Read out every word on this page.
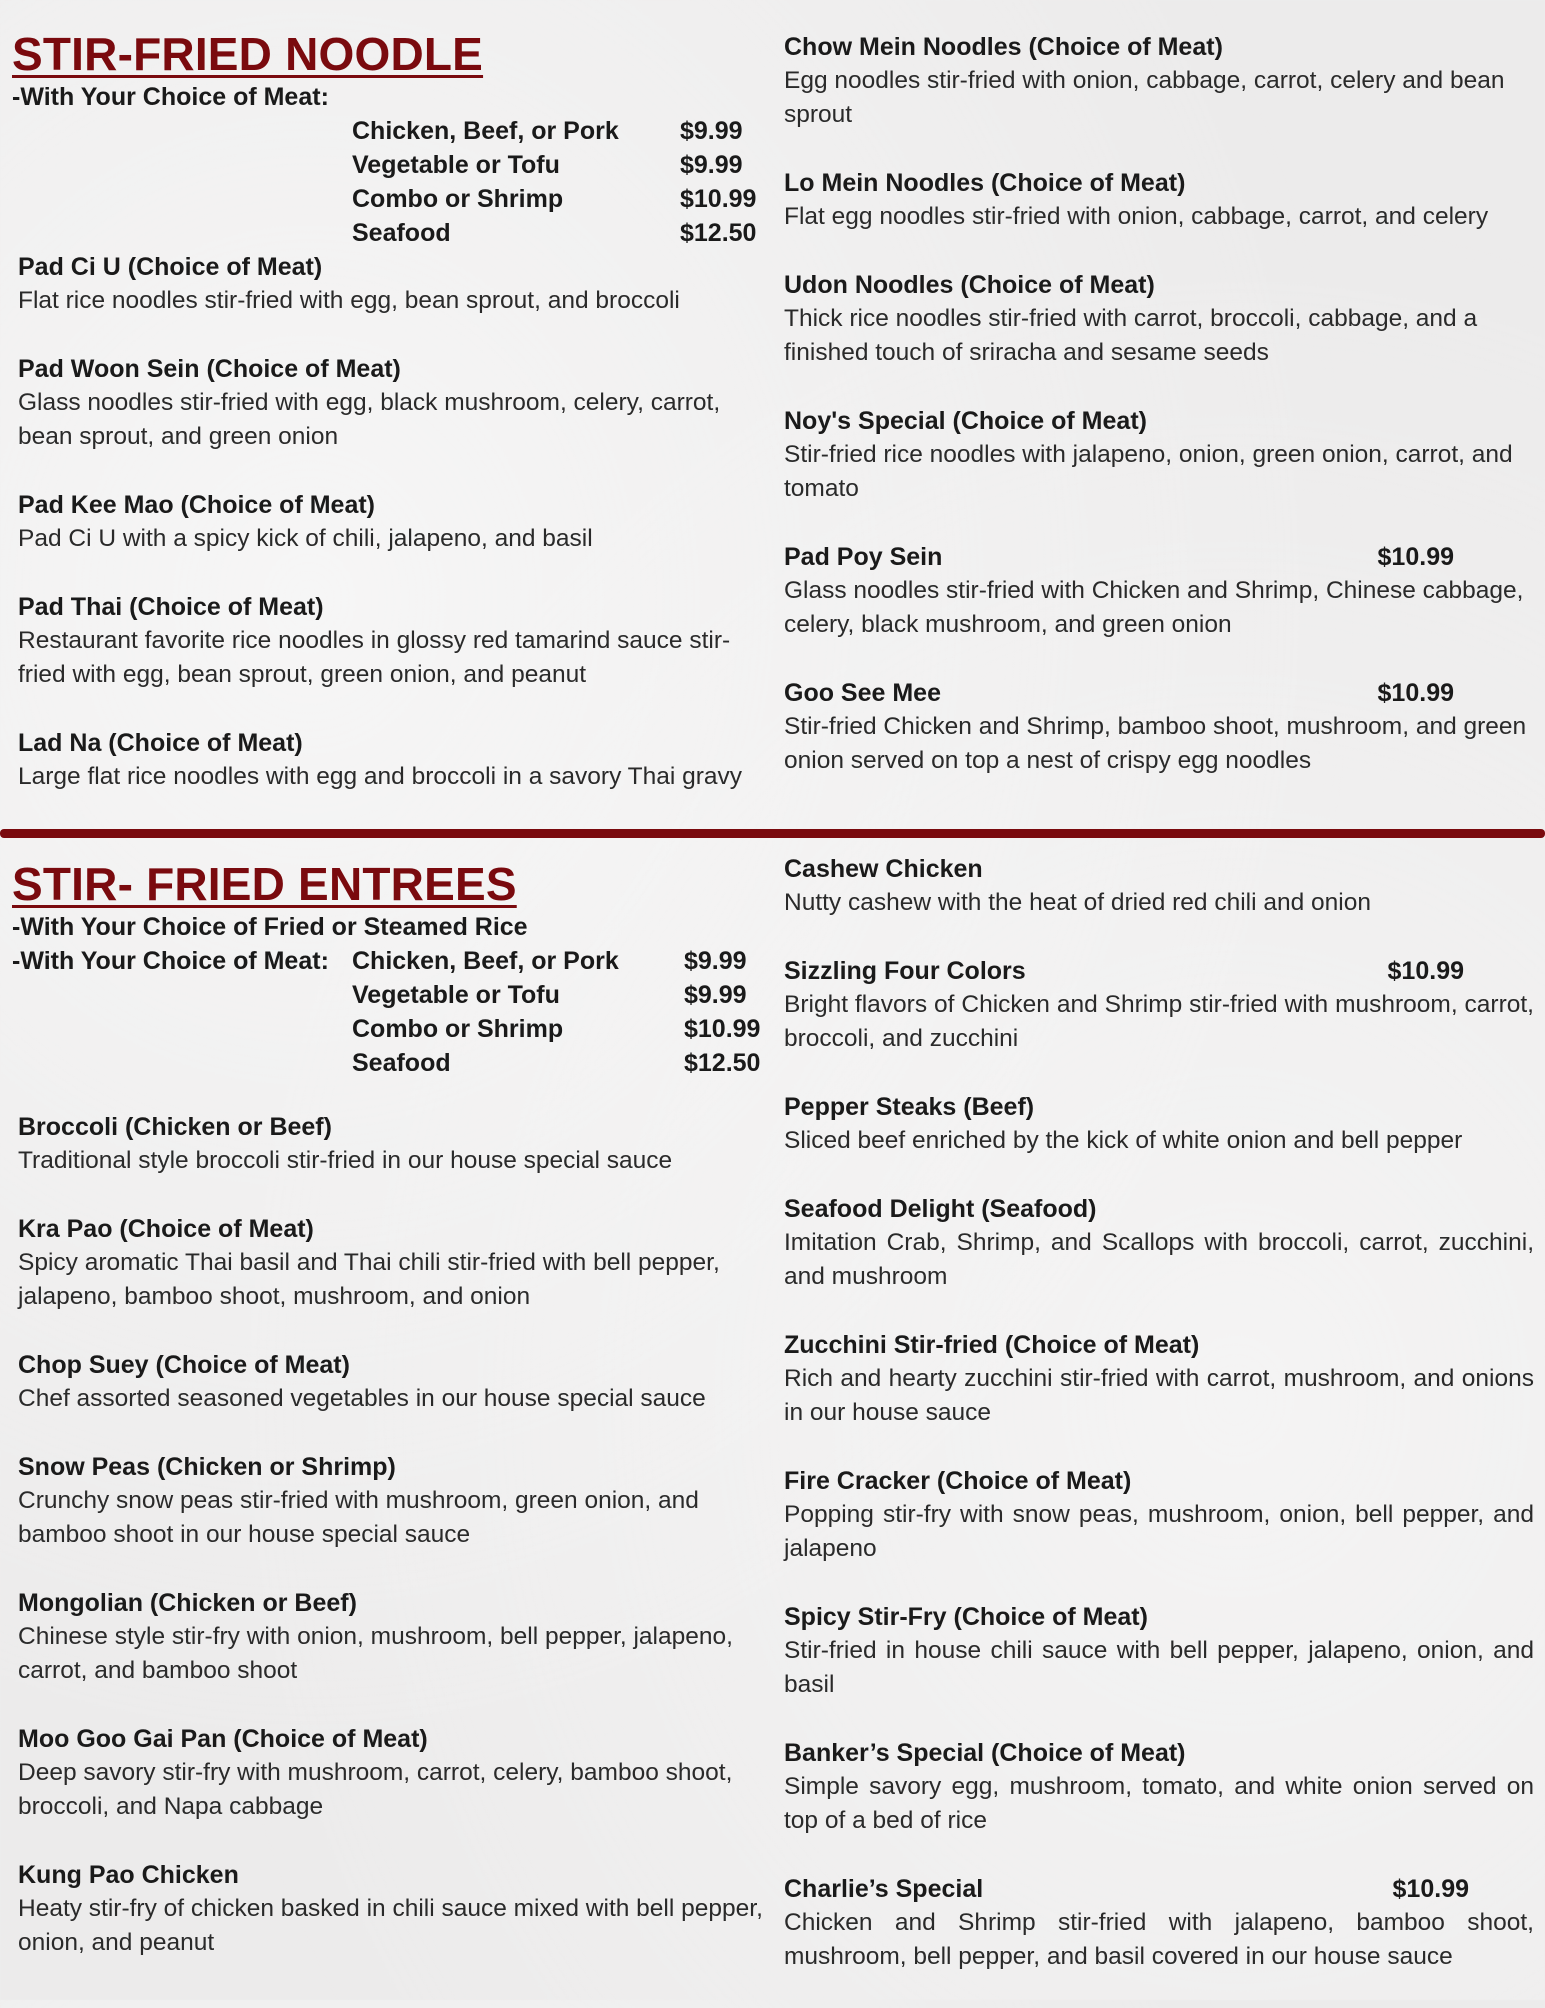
STIR-FRIED NOODLE
-With Your Choice of Meat:
Chicken, Beef, or Pork	$9.99
Vegetable or Tofu	$9.99
Combo or Shrimp	$10.99
Seafood	$12.50
Pad Ci U (Choice of Meat)
Flat rice noodles stir-fried with egg, bean sprout, and broccoli
Pad Woon Sein (Choice of Meat)
Glass noodles stir-fried with egg, black mushroom, celery, carrot, bean sprout, and green onion
Pad Kee Mao (Choice of Meat)
Pad Ci U with a spicy kick of chili, jalapeno, and basil
Pad Thai (Choice of Meat)
Restaurant favorite rice noodles in glossy red tamarind sauce stir-fried with egg, bean sprout, green onion, and peanut
Lad Na (Choice of Meat)
Large flat rice noodles with egg and broccoli in a savory Thai gravy
Chow Mein Noodles (Choice of Meat)
Egg noodles stir-fried with onion, cabbage, carrot, celery and bean sprout
Lo Mein Noodles (Choice of Meat)
Flat egg noodles stir-fried with onion, cabbage, carrot, and celery
Udon Noodles (Choice of Meat)
Thick rice noodles stir-fried with carrot, broccoli, cabbage, and a finished touch of sriracha and sesame seeds
Noy's Special (Choice of Meat)
Stir-fried rice noodles with jalapeno, onion, green onion, carrot, and tomato
Pad Poy Sein	$10.99
Glass noodles stir-fried with Chicken and Shrimp, Chinese cabbage, celery, black mushroom, and green onion
Goo See Mee	$10.99
Stir-fried Chicken and Shrimp, bamboo shoot, mushroom, and green onion served on top a nest of crispy egg noodles
STIR- FRIED ENTREES
-With Your Choice of Fried or Steamed Rice
-With Your Choice of Meat: Chicken, Beef, or Pork	$9.99
Vegetable or Tofu	$9.99
Combo or Shrimp	$10.99
Seafood	$12.50
Broccoli (Chicken or Beef)
Traditional style broccoli stir-fried in our house special sauce
Kra Pao (Choice of Meat)
Spicy aromatic Thai basil and Thai chili stir-fried with bell pepper, jalapeno, bamboo shoot, mushroom, and onion
Chop Suey (Choice of Meat)
Chef assorted seasoned vegetables in our house special sauce
Snow Peas (Chicken or Shrimp)
Crunchy snow peas stir-fried with mushroom, green onion, and bamboo shoot in our house special sauce
Mongolian (Chicken or Beef)
Chinese style stir-fry with onion, mushroom, bell pepper, jalapeno, carrot, and bamboo shoot
Moo Goo Gai Pan (Choice of Meat)
Deep savory stir-fry with mushroom, carrot, celery, bamboo shoot, broccoli, and Napa cabbage
Kung Pao Chicken
Heaty stir-fry of chicken basked in chili sauce mixed with bell pepper, onion, and peanut
Cashew Chicken
Nutty cashew with the heat of dried red chili and onion
Sizzling Four Colors	$10.99
Bright flavors of Chicken and Shrimp stir-fried with mushroom, carrot, broccoli, and zucchini
Pepper Steaks (Beef)
Sliced beef enriched by the kick of white onion and bell pepper
Seafood Delight (Seafood)
Imitation Crab, Shrimp, and Scallops with broccoli, carrot, zucchini, and mushroom
Zucchini Stir-fried (Choice of Meat)
Rich and hearty zucchini stir-fried with carrot, mushroom, and onions in our house sauce
Fire Cracker (Choice of Meat)
Popping stir-fry with snow peas, mushroom, onion, bell pepper, and jalapeno
Spicy Stir-Fry (Choice of Meat)
Stir-fried in house chili sauce with bell pepper, jalapeno, onion, and basil
Banker’s Special (Choice of Meat)
Simple savory egg, mushroom, tomato, and white onion served on top of a bed of rice
Charlie’s Special	$10.99
Chicken and Shrimp stir-fried with jalapeno, bamboo shoot, mushroom, bell pepper, and basil covered in our house sauce
